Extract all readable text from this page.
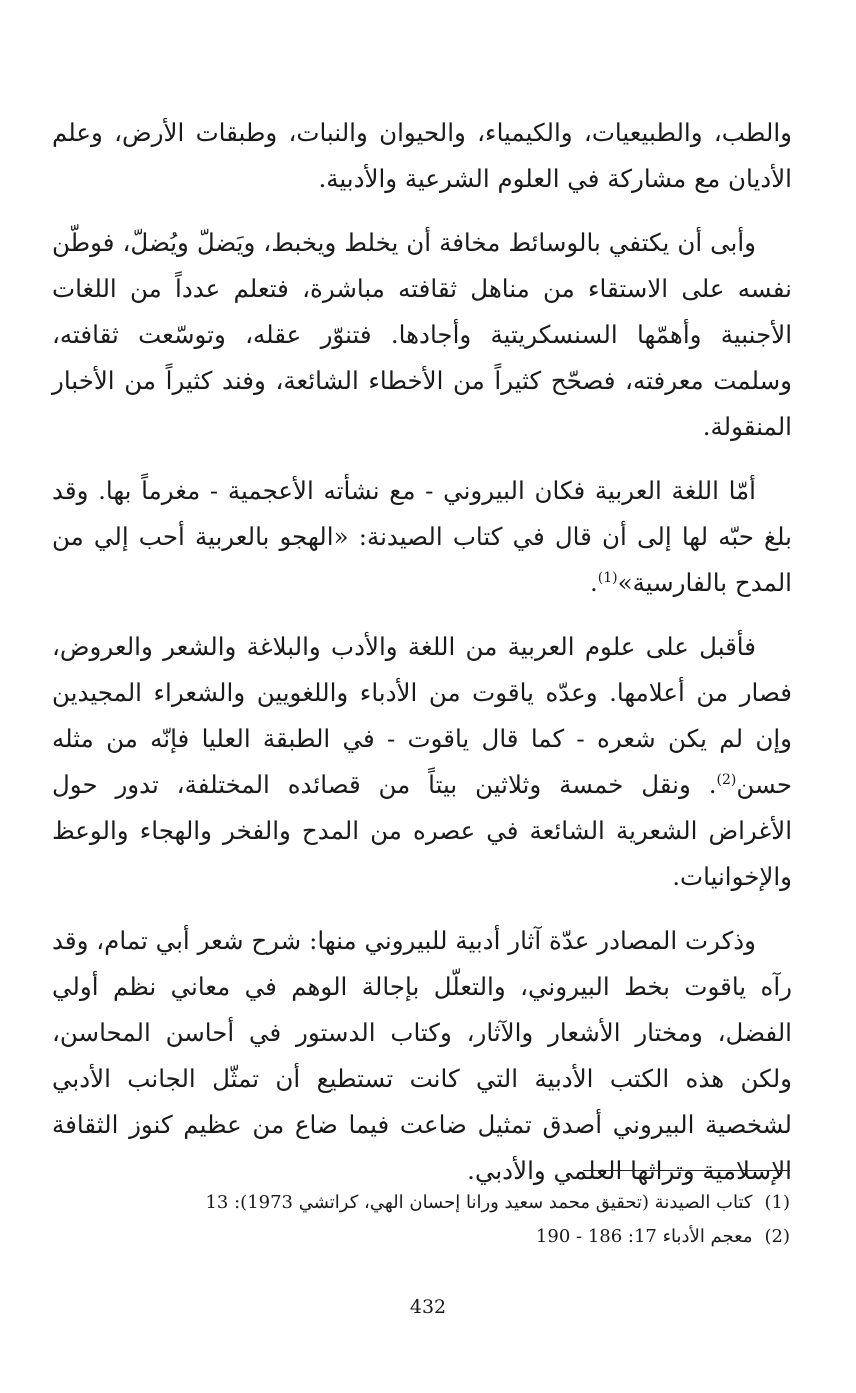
والطب، والطبيعيات، والكيمياء، والحيوان والنبات، وطبقات الأرض، وعلم الأديان مع مشاركة في العلوم الشرعية والأدبية.

وأبى أن يكتفي بالوسائط مخافة أن يخلط ويخبط، ويَضلّ ويُضلّ، فوطّن نفسه على الاستقاء من مناهل ثقافته مباشرة، فتعلم عدداً من اللغات الأجنبية وأهمّها السنسكريتية وأجادها. فتنوّر عقله، وتوسّعت ثقافته، وسلمت معرفته، فصحّح كثيراً من الأخطاء الشائعة، وفند كثيراً من الأخبار المنقولة.

أمّا اللغة العربية فكان البيروني - مع نشأته الأعجمية - مغرماً بها. وقد بلغ حبّه لها إلى أن قال في كتاب الصيدنة: «الهجو بالعربية أحب إلي من المدح بالفارسية»$^{(1)}$.

فأقبل على علوم العربية من اللغة والأدب والبلاغة والشعر والعروض، فصار من أعلامها. وعدّه ياقوت من الأدباء واللغويين والشعراء المجيدين وإن لم يكن شعره - كما قال ياقوت - في الطبقة العليا فإنّه من مثله حسن$^{(2)}$. ونقل خمسة وثلاثين بيتاً من قصائده المختلفة، تدور حول الأغراض الشعرية الشائعة في عصره من المدح والفخر والهجاء والوعظ والإخوانيات.

وذكرت المصادر عدّة آثار أدبية للبيروني منها: شرح شعر أبي تمام، وقد رآه ياقوت بخط البيروني، والتعلّل بإجالة الوهم في معاني نظم أولي الفضل، ومختار الأشعار والآثار، وكتاب الدستور في أحاسن المحاسن، ولكن هذه الكتب الأدبية التي كانت تستطيع أن تمثّل الجانب الأدبي لشخصية البيروني أصدق تمثيل ضاعت فيما ضاع من عظيم كنوز الثقافة الإسلامية وتراثها العلمي والأدبي.

(1)كتاب الصيدنة (تحقيق محمد سعيد ورانا إحسان الهي، كراتشي 1973): 13
(2)معجم الأدباء 17: 186 - 190
432
